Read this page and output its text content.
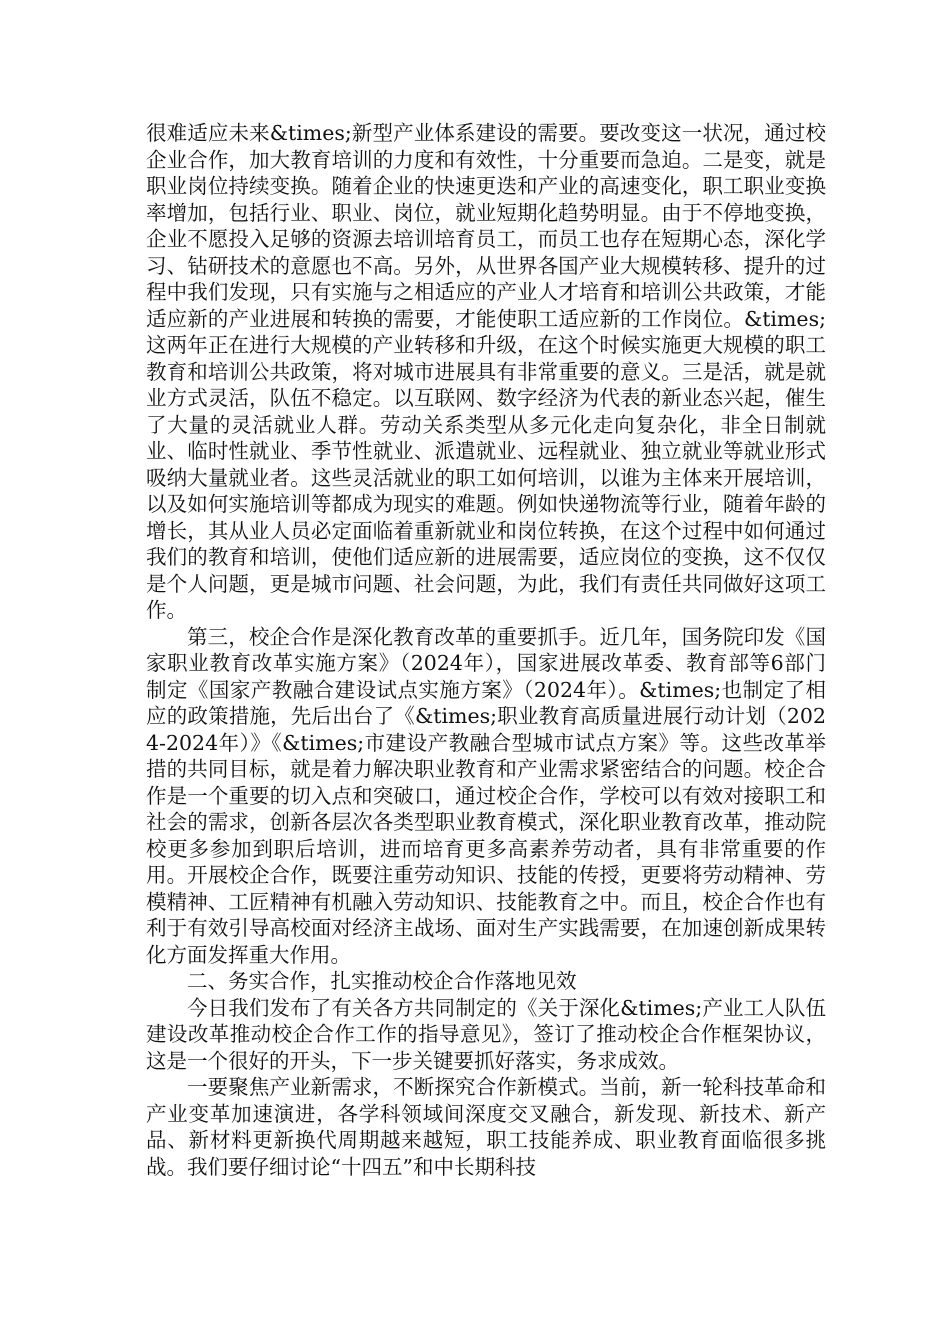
很难适应未来&times;新型产业体系建设的需要。要改变这一状况，通过校企业合作，加大教育培训的力度和有效性，十分重要而急迫。二是变，就是职业岗位持续变换。随着企业的快速更迭和产业的高速变化，职工职业变换率增加，包括行业、职业、岗位，就业短期化趋势明显。由于不停地变换，企业不愿投入足够的资源去培训培育员工，而员工也存在短期心态，深化学习、钻研技术的意愿也不高。另外，从世界各国产业大规模转移、提升的过程中我们发现，只有实施与之相适应的产业人才培育和培训公共政策，才能适应新的产业进展和转换的需要，才能使职工适应新的工作岗位。&times;这两年正在进行大规模的产业转移和升级，在这个时候实施更大规模的职工教育和培训公共政策，将对城市进展具有非常重要的意义。三是活，就是就业方式灵活，队伍不稳定。以互联网、数字经济为代表的新业态兴起，催生了大量的灵活就业人群。劳动关系类型从多元化走向复杂化，非全日制就业、临时性就业、季节性就业、派遣就业、远程就业、独立就业等就业形式吸纳大量就业者。这些灵活就业的职工如何培训，以谁为主体来开展培训，以及如何实施培训等都成为现实的难题。例如快递物流等行业，随着年龄的增长，其从业人员必定面临着重新就业和岗位转换，在这个过程中如何通过我们的教育和培训，使他们适应新的进展需要，适应岗位的变换，这不仅仅是个人问题，更是城市问题、社会问题，为此，我们有责任共同做好这项工作。

第三，校企合作是深化教育改革的重要抓手。近几年，国务院印发《国家职业教育改革实施方案》（2024年），国家进展改革委、教育部等6部门制定《国家产教融合建设试点实施方案》（2024年）。&times;也制定了相应的政策措施，先后出台了《&times;职业教育高质量进展行动计划（2024-2024年）》《&times;市建设产教融合型城市试点方案》等。这些改革举措的共同目标，就是着力解决职业教育和产业需求紧密结合的问题。校企合作是一个重要的切入点和突破口，通过校企合作，学校可以有效对接职工和社会的需求，创新各层次各类型职业教育模式，深化职业教育改革，推动院校更多参加到职后培训，进而培育更多高素养劳动者，具有非常重要的作用。开展校企合作，既要注重劳动知识、技能的传授，更要将劳动精神、劳模精神、工匠精神有机融入劳动知识、技能教育之中。而且，校企合作也有利于有效引导高校面对经济主战场、面对生产实践需要，在加速创新成果转化方面发挥重大作用。

二、务实合作，扎实推动校企合作落地见效

今日我们发布了有关各方共同制定的《关于深化&times;产业工人队伍建设改革推动校企合作工作的指导意见》，签订了推动校企合作框架协议，这是一个很好的开头，下一步关键要抓好落实，务求成效。

一要聚焦产业新需求，不断探究合作新模式。当前，新一轮科技革命和产业变革加速演进，各学科领域间深度交叉融合，新发现、新技术、新产品、新材料更新换代周期越来越短，职工技能养成、职业教育面临很多挑战。我们要仔细讨论“十四五”和中长期科技
